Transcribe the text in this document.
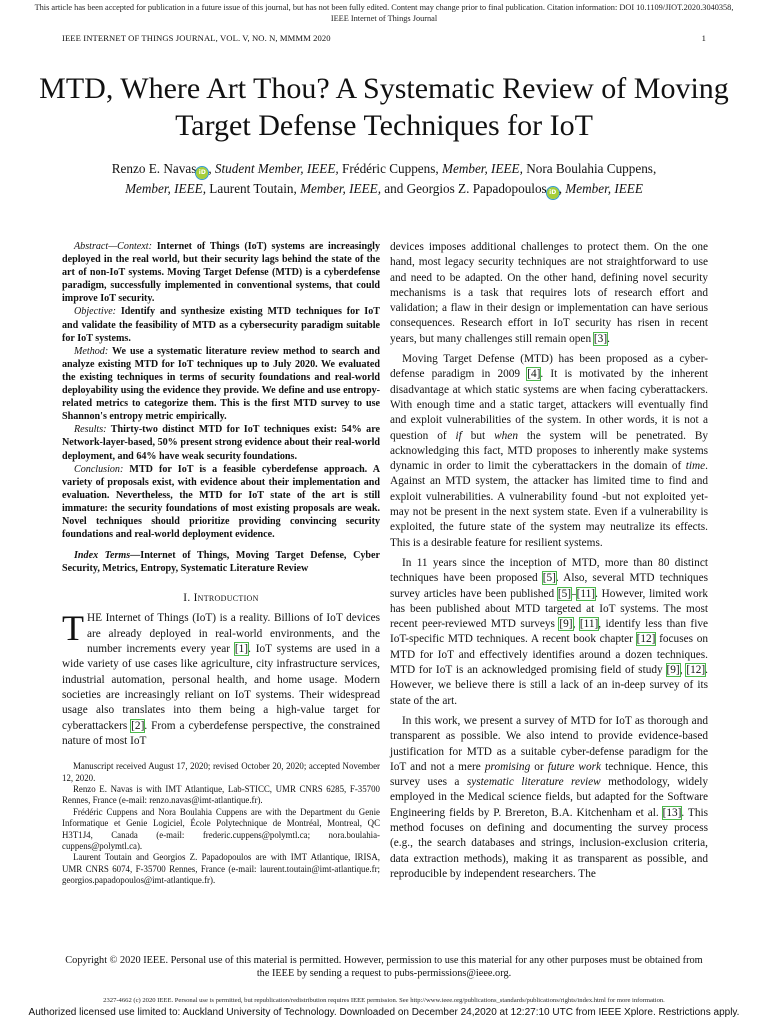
This article has been accepted for publication in a future issue of this journal, but has not been fully edited. Content may change prior to final publication. Citation information: DOI 10.1109/JIOT.2020.3040358, IEEE Internet of Things Journal
IEEE INTERNET OF THINGS JOURNAL, VOL. V, NO. N, MMMM 2020	1
MTD, Where Art Thou? A Systematic Review of Moving Target Defense Techniques for IoT
Renzo E. Navas iD , Student Member, IEEE, Frédéric Cuppens, Member, IEEE, Nora Boulahia Cuppens,
Member, IEEE, Laurent Toutain, Member, IEEE, and Georgios Z. Papadopoulos iD , Member, IEEE

Abstract—Context: Internet of Things (IoT) systems are increasingly deployed in the real world, but their security lags behind the state of the art of non-IoT systems. Moving Target Defense (MTD) is a cyberdefense paradigm, successfully implemented in conventional systems, that could improve IoT security.

Objective: Identify and synthesize existing MTD techniques for IoT and validate the feasibility of MTD as a cybersecurity paradigm suitable for IoT systems.

Method: We use a systematic literature review method to search and analyze existing MTD for IoT techniques up to July 2020. We evaluated the existing techniques in terms of security foundations and real-world deployability using the evidence they provide. We define and use entropy-related metrics to categorize them. This is the first MTD survey to use Shannon's entropy metric empirically.

Results: Thirty-two distinct MTD for IoT techniques exist: 54% are Network-layer-based, 50% present strong evidence about their real-world deployment, and 64% have weak security foundations.

Conclusion: MTD for IoT is a feasible cyberdefense approach. A variety of proposals exist, with evidence about their implementation and evaluation. Nevertheless, the MTD for IoT state of the art is still immature: the security foundations of most existing proposals are weak. Novel techniques should prioritize providing convincing security foundations and real-world deployment evidence.

Index Terms—Internet of Things, Moving Target Defense, Cyber Security, Metrics, Entropy, Systematic Literature Review

I. Introduction

THE Internet of Things (IoT) is a reality. Billions of IoT devices are already deployed in real-world environments, and the number increments every year [1]. IoT systems are used in a wide variety of use cases like agriculture, city infrastructure services, industrial automation, personal health, and home usage. Modern societies are increasingly reliant on IoT systems. Their widespread usage also translates into them being a high-value target for cyberattackers [2]. From a cyberdefense perspective, the constrained nature of most IoT

Manuscript received August 17, 2020; revised October 20, 2020; accepted November 12, 2020.

Renzo E. Navas is with IMT Atlantique, Lab-STICC, UMR CNRS 6285, F-35700 Rennes, France (e-mail: renzo.navas@imt-atlantique.fr).

Frédéric Cuppens and Nora Boulahia Cuppens are with the Department du Genie Informatique et Genie Logiciel, École Polytechnique de Montréal, Montreal, QC H3T1J4, Canada (e-mail: frederic.cuppens@polymtl.ca; nora.boulahia-cuppens@polymtl.ca).

Laurent Toutain and Georgios Z. Papadopoulos are with IMT Atlantique, IRISA, UMR CNRS 6074, F-35700 Rennes, France (e-mail: laurent.toutain@imt-atlantique.fr; georgios.papadopoulos@imt-atlantique.fr).

devices imposes additional challenges to protect them. On the one hand, most legacy security techniques are not straightforward to use and need to be adapted. On the other hand, defining novel security mechanisms is a task that requires lots of research effort and validation; a flaw in their design or implementation can have serious consequences. Research effort in IoT security has risen in recent years, but many challenges still remain open [3].

Moving Target Defense (MTD) has been proposed as a cyber-defense paradigm in 2009 [4]. It is motivated by the inherent disadvantage at which static systems are when facing cyberattackers. With enough time and a static target, attackers will eventually find and exploit vulnerabilities of the system. In other words, it is not a question of if but when the system will be penetrated. By acknowledging this fact, MTD proposes to inherently make systems dynamic in order to limit the cyberattackers in the domain of time. Against an MTD system, the attacker has limited time to find and exploit vulnerabilities. A vulnerability found -but not exploited yet- may not be present in the next system state. Even if a vulnerability is exploited, the future state of the system may neutralize its effects. This is a desirable feature for resilient systems.

In 11 years since the inception of MTD, more than 80 distinct techniques have been proposed [5]. Also, several MTD techniques survey articles have been published [5]–[11]. However, limited work has been published about MTD targeted at IoT systems. The most recent peer-reviewed MTD surveys [9], [11], identify less than five IoT-specific MTD techniques. A recent book chapter [12] focuses on MTD for IoT and effectively identifies around a dozen techniques. MTD for IoT is an acknowledged promising field of study [9], [12]. However, we believe there is still a lack of an in-deep survey of its state of the art.

In this work, we present a survey of MTD for IoT as thorough and transparent as possible. We also intend to provide evidence-based justification for MTD as a suitable cyber-defense paradigm for the IoT and not a mere promising or future work technique. Hence, this survey uses a systematic literature review methodology, widely employed in the Medical science fields, but adapted for the Software Engineering fields by P. Brereton, B.A. Kitchenham et al. [13]. This method focuses on defining and documenting the survey process (e.g., the search databases and strings, inclusion-exclusion criteria, data extraction methods), making it as transparent as possible, and reproducible by independent researchers. The

Copyright © 2020 IEEE. Personal use of this material is permitted. However, permission to use this material for any other purposes must be obtained from the IEEE by sending a request to pubs-permissions@ieee.org.
2327-4662 (c) 2020 IEEE. Personal use is permitted, but republication/redistribution requires IEEE permission. See http://www.ieee.org/publications_standards/publications/rights/index.html for more information.
Authorized licensed use limited to: Auckland University of Technology. Downloaded on December 24,2020 at 12:27:10 UTC from IEEE Xplore. Restrictions apply.
